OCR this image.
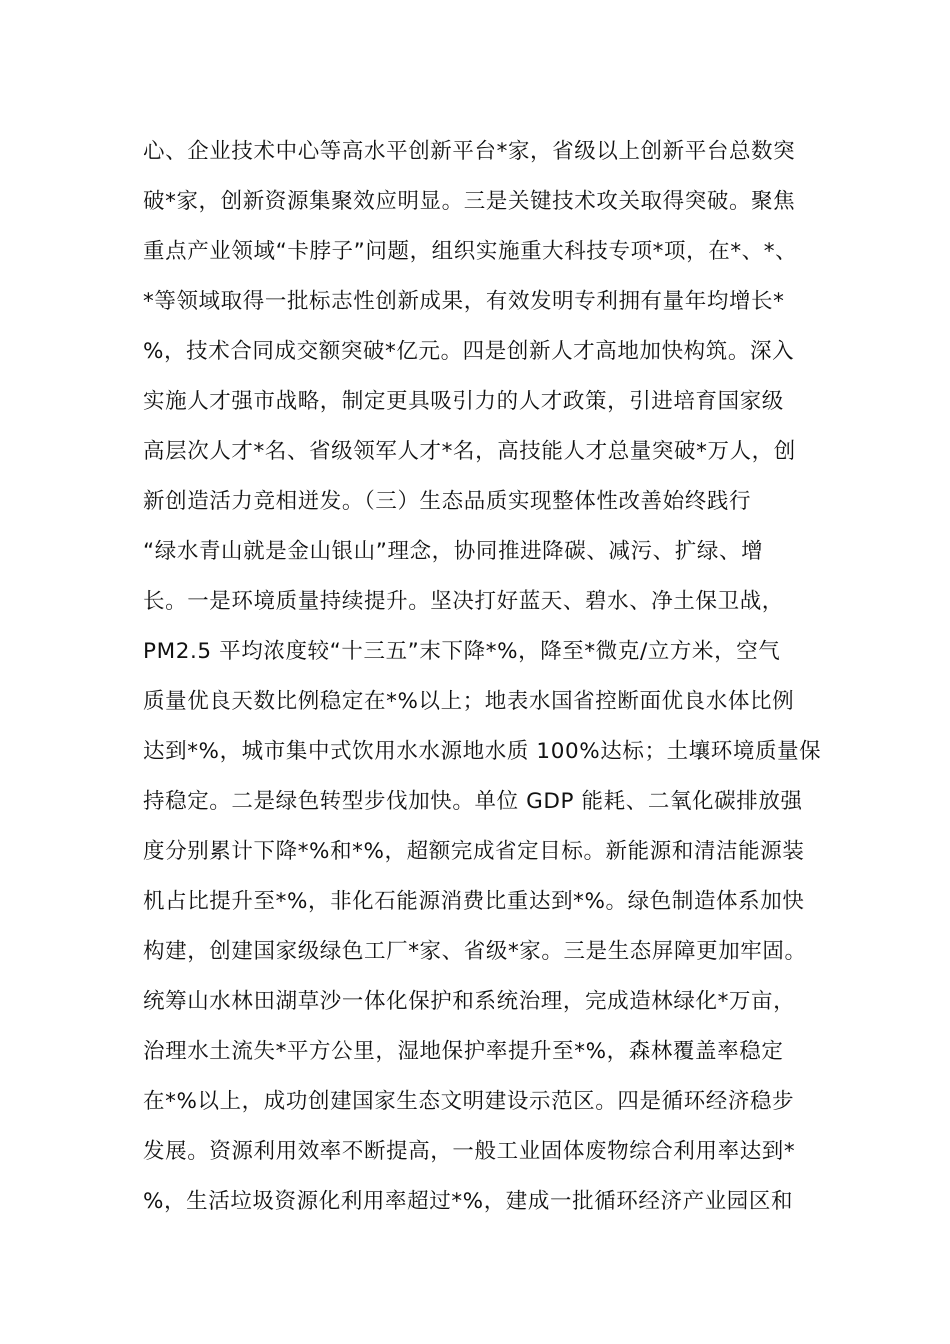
心、企业技术中心等高水平创新平台*家，省级以上创新平台总数突
破*家，创新资源集聚效应明显。三是关键技术攻关取得突破。聚焦
重点产业领域“卡脖子”问题，组织实施重大科技专项*项，在*、*、
*等领域取得一批标志性创新成果，有效发明专利拥有量年均增长*
%，技术合同成交额突破*亿元。四是创新人才高地加快构筑。深入
实施人才强市战略，制定更具吸引力的人才政策，引进培育国家级
高层次人才*名、省级领军人才*名，高技能人才总量突破*万人，创
新创造活力竞相迸发。（三）生态品质实现整体性改善始终践行
“绿水青山就是金山银山”理念，协同推进降碳、减污、扩绿、增
长。一是环境质量持续提升。坚决打好蓝天、碧水、净土保卫战，
PM2.5 平均浓度较“十三五”末下降*%，降至*微克/立方米，空气
质量优良天数比例稳定在*%以上；地表水国省控断面优良水体比例
达到*%，城市集中式饮用水水源地水质 100%达标；土壤环境质量保
持稳定。二是绿色转型步伐加快。单位 GDP 能耗、二氧化碳排放强
度分别累计下降*%和*%，超额完成省定目标。新能源和清洁能源装
机占比提升至*%，非化石能源消费比重达到*%。绿色制造体系加快
构建，创建国家级绿色工厂*家、省级*家。三是生态屏障更加牢固。
统筹山水林田湖草沙一体化保护和系统治理，完成造林绿化*万亩，
治理水土流失*平方公里，湿地保护率提升至*%，森林覆盖率稳定
在*%以上，成功创建国家生态文明建设示范区。四是循环经济稳步
发展。资源利用效率不断提高，一般工业固体废物综合利用率达到*
%，生活垃圾资源化利用率超过*%，建成一批循环经济产业园区和
